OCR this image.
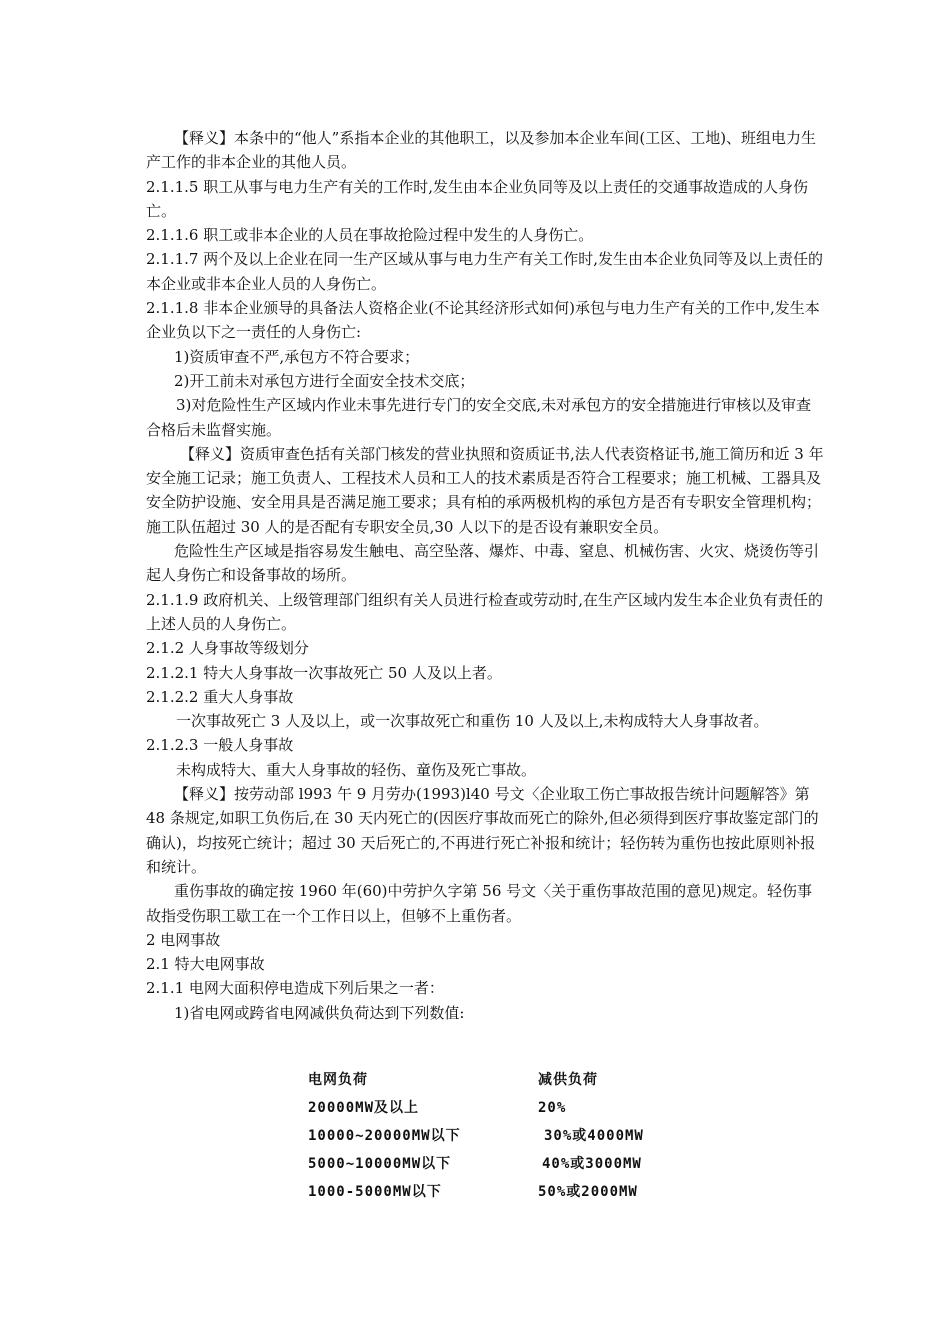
【释义】本条中的“他人”系指本企业的其他职工，以及参加本企业车间(工区、工地)、班组电力生产工作的非本企业的其他人员。

2.1.1.5 职工从事与电力生产有关的工作时,发生由本企业负同等及以上责任的交通事故造成的人身伤亡。

2.1.1.6 职工或非本企业的人员在事故抢险过程中发生的人身伤亡。

2.1.1.7 两个及以上企业在同一生产区域从事与电力生产有关工作时,发生由本企业负同等及以上责任的本企业或非本企业人员的人身伤亡。

2.1.1.8 非本企业颁导的具备法人资格企业(不论其经济形式如何)承包与电力生产有关的工作中,发生本企业负以下之一责任的人身伤亡:

1)资质审查不严,承包方不符合要求；

2)开工前未对承包方进行全面安全技术交底；

3)对危险性生产区域内作业未事先进行专门的安全交底,未对承包方的安全措施进行审核以及审查合格后未监督实施。

【释义】资质审查色括有关部门核发的营业执照和资质证书,法人代表资格证书,施工简历和近 3 年安全施工记录；施工负责人、工程技术人员和工人的技术素质是否符合工程要求；施工机械、工器具及安全防护设施、安全用具是否满足施工要求；具有柏的承两极机构的承包方是否有专职安全管理机构；施工队伍超过 30 人的是否配有专职安全员,30 人以下的是否设有兼职安全员。

危险性生产区域是指容易发生触电、高空坠落、爆炸、中毒、窒息、机械伤害、火灾、烧烫伤等引起人身伤亡和设备事故的场所。

2.1.1.9 政府机关、上级管理部门组织有关人员进行检查或劳动时,在生产区域内发生本企业负有责任的上述人员的人身伤亡。

2.1.2 人身事故等级划分

2.1.2.1 特大人身事故一次事故死亡 50 人及以上者。

2.1.2.2 重大人身事故

一次事故死亡 3 人及以上，或一次事故死亡和重伤 10 人及以上,未构成特大人身事故者。

2.1.2.3 一般人身事故

未构成特大、重大人身事故的轻伤、童伤及死亡事故。

【释义】按劳动部 l993 午 9 月劳办(1993)l40 号文〈企业取工伤亡事故报告统计问题解答》第 48 条规定,如职工负伤后,在 30 天内死亡的(因医疗事故而死亡的除外,但必须得到医疗事故鉴定部门的确认)，均按死亡统计；超过 30 天后死亡的,不再进行死亡补报和统计；轻伤转为重伤也按此原则补报和统计。

重伤事故的确定按 1960 年(60)中劳护久字第 56 号文〈关于重伤事故范围的意见)规定。轻伤事故指受伤职工歇工在一个工作日以上，但够不上重伤者。

2 电网事故

2.1 特大电网事故

2.1.1 电网大面积停电造成下列后果之一者：

1)省电网或跨省电网减供负荷达到下列数值:

电网负荷	减供负荷
20000MW及以上	20%
10000~20000MW以下	30%或4000MW
5000~10000MW以下	40%或3000MW
1000-5000MW以下	50%或2000MW
